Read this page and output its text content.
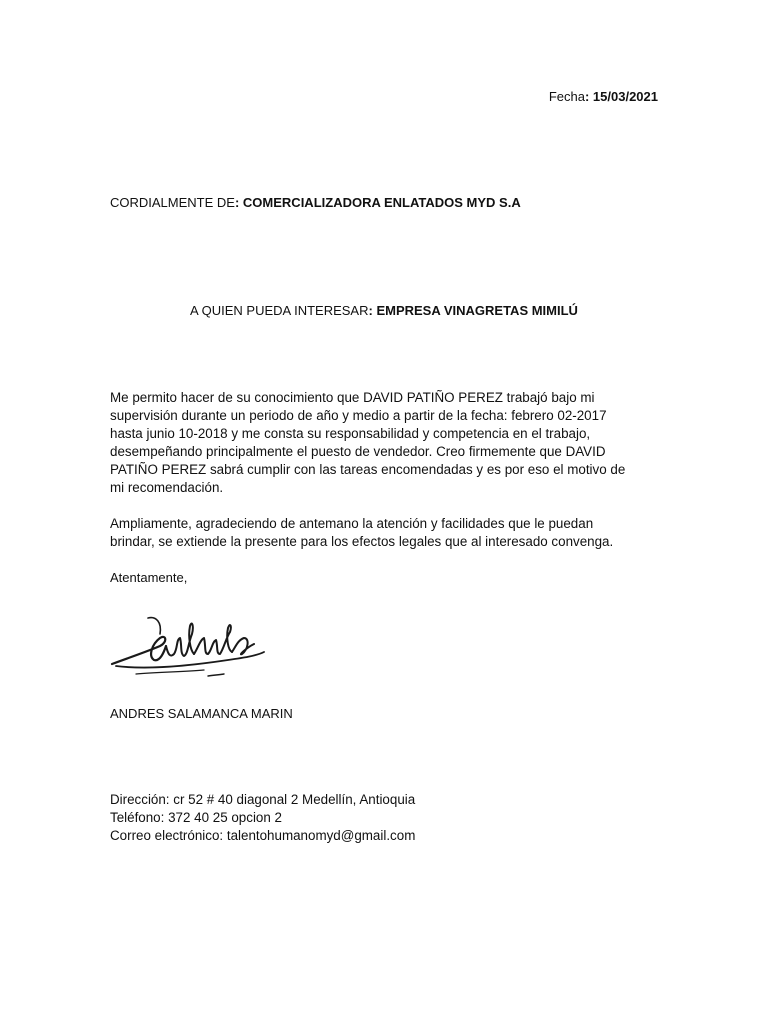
Fecha: 15/03/2021
CORDIALMENTE DE: COMERCIALIZADORA ENLATADOS MYD S.A
A QUIEN PUEDA INTERESAR: EMPRESA VINAGRETAS MIMILÚ
Me permito hacer de su conocimiento que DAVID PATIÑO PEREZ trabajó bajo mi
supervisión durante un periodo de año y medio a partir de la fecha: febrero 02-2017
hasta junio 10-2018 y me consta su responsabilidad y competencia en el trabajo,
desempeñando principalmente el puesto de vendedor. Creo firmemente que DAVID
PATIÑO PEREZ sabrá cumplir con las tareas encomendadas y es por eso el motivo de
mi recomendación.
Ampliamente, agradeciendo de antemano la atención y facilidades que le puedan
brindar, se extiende la presente para los efectos legales que al interesado convenga.
Atentamente,
ANDRES SALAMANCA MARIN
Dirección: cr 52 # 40 diagonal 2 Medellín, Antioquia
Teléfono: 372 40 25 opcion 2
Correo electrónico: talentohumanomyd@gmail.com
